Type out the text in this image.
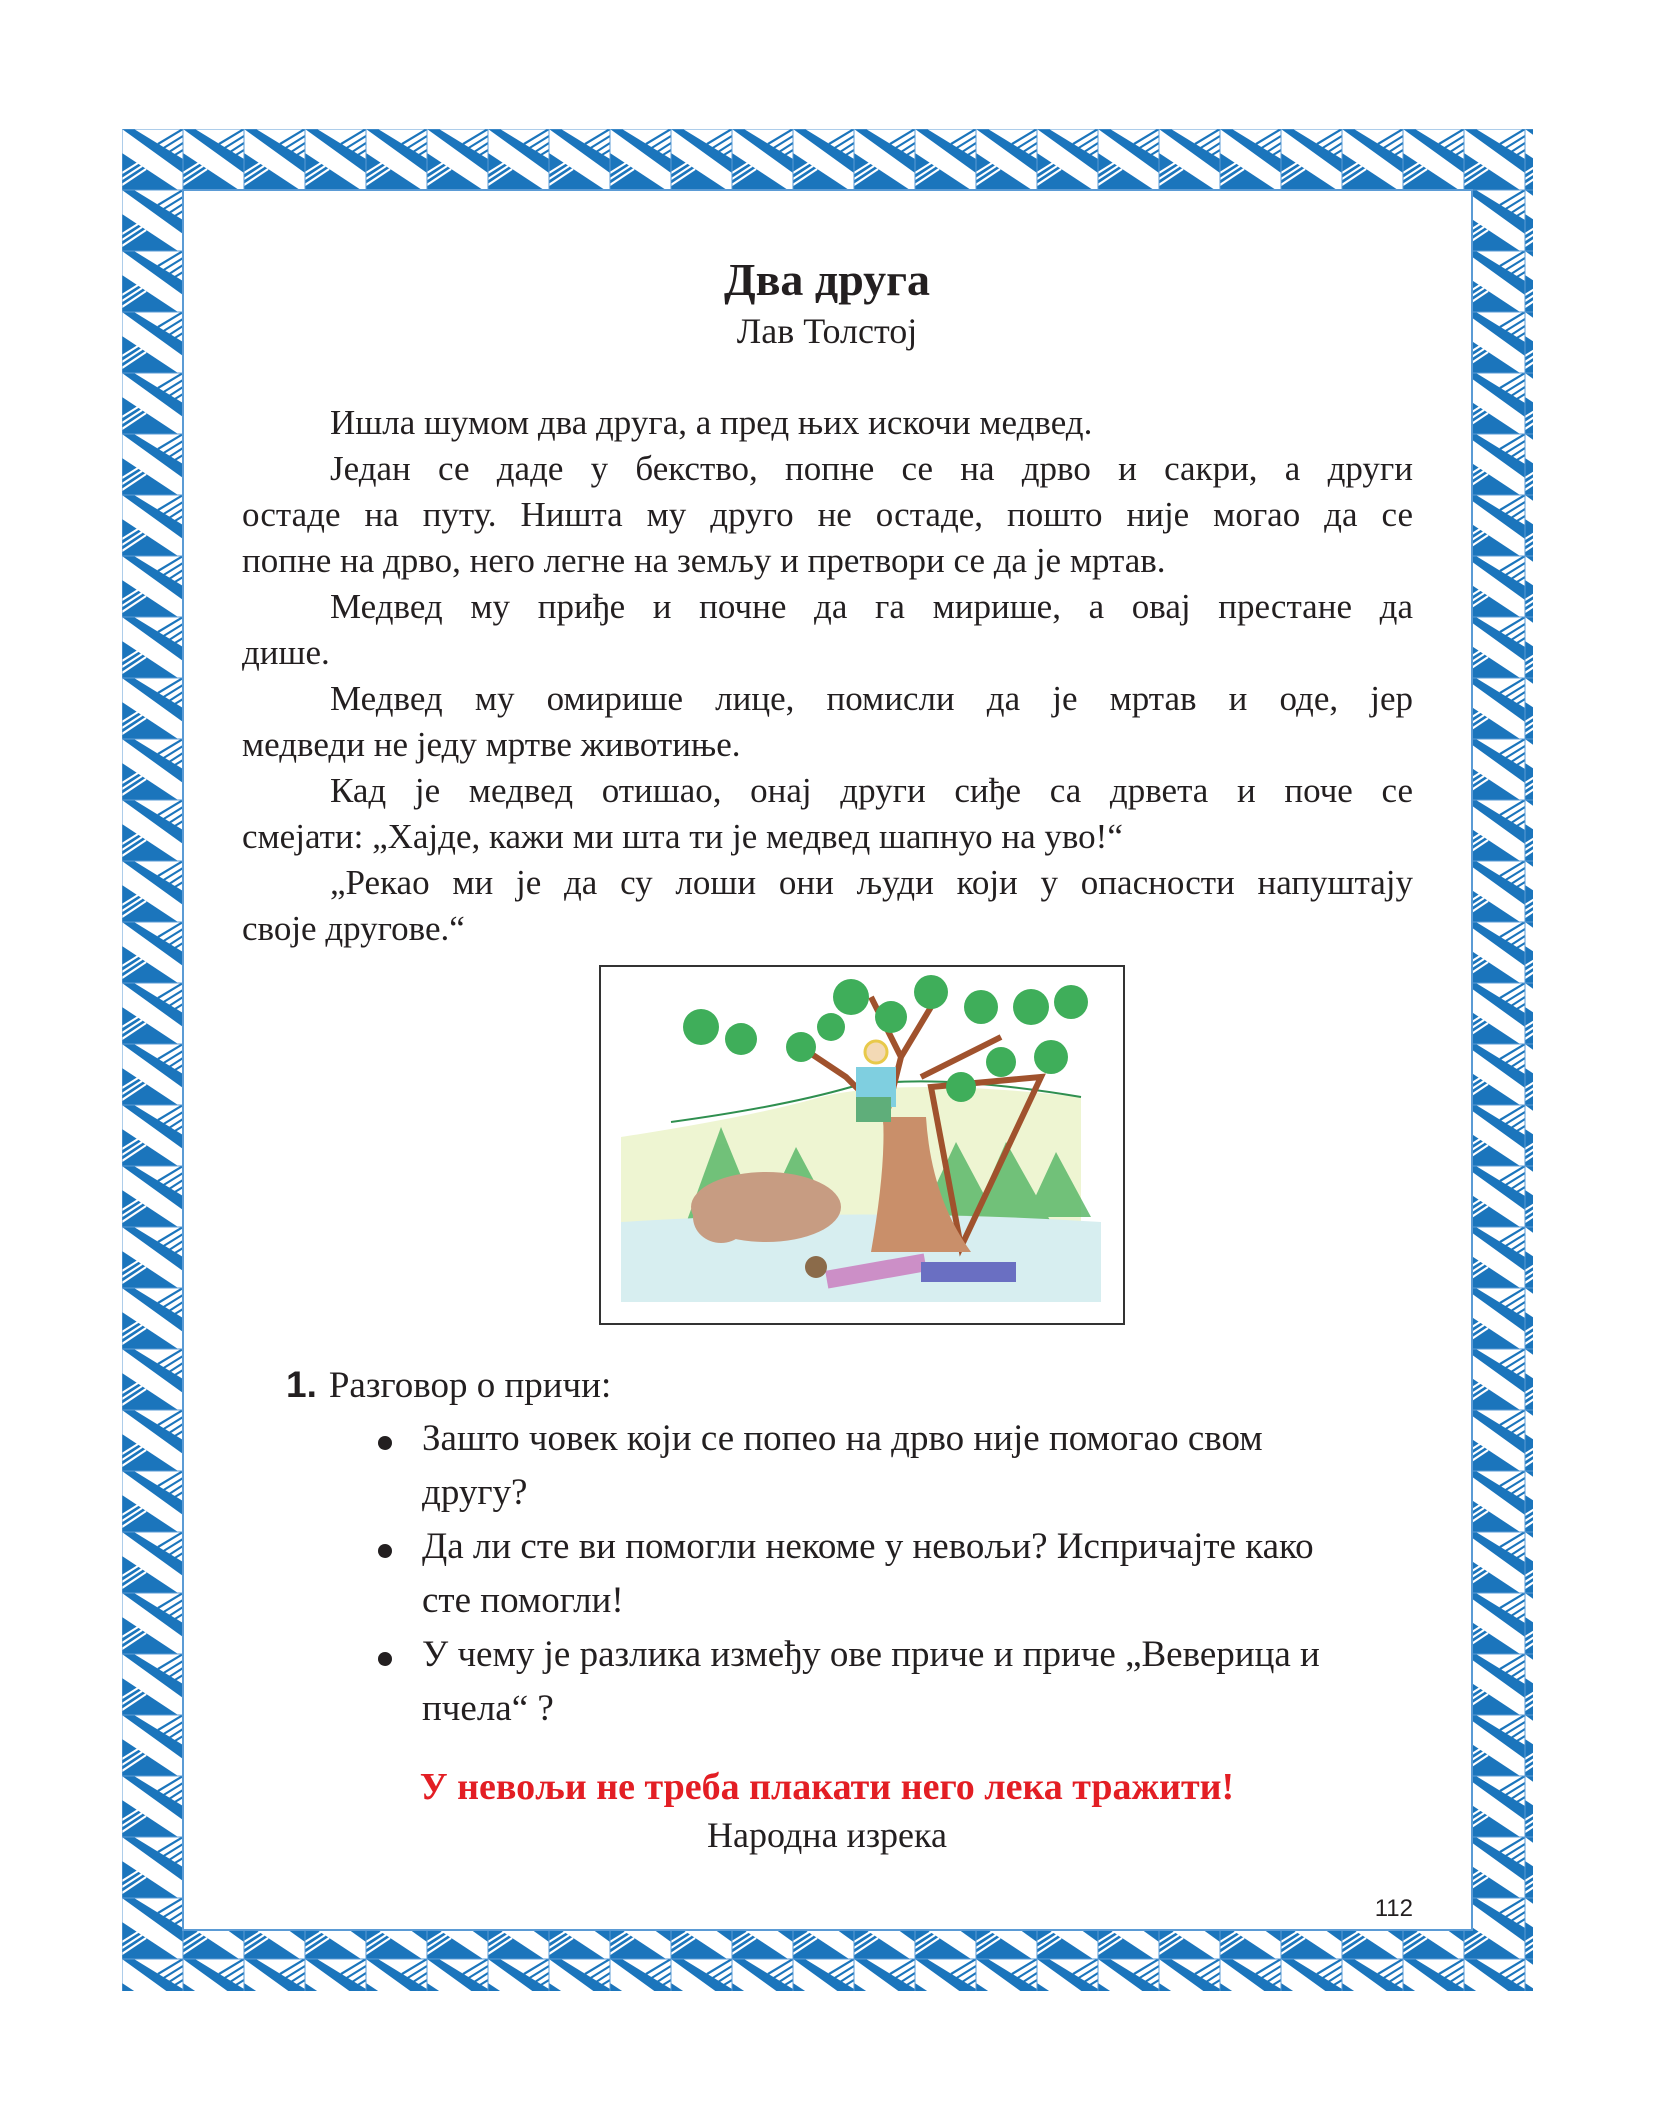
Два друга
Лав Толстој
Ишла шумом два друга, а пред њих искочи медвед.
Један се даде у бекство, попне се на дрво и сакри, а други
остаде на путу. Ништа му друго не остаде, пошто није могао да се
попне на дрво, него легне на земљу и претвори се да је мртав.
Медвед му приђе и почне да га мирише, а овај престане да
дише.
Медвед му омирише лице, помисли да је мртав и оде, јер
медведи не једу мртве животиње.
Кад је медвед отишао, онај други сиђе са дрвета и поче се
смејати: „Хајде, кажи ми шта ти је медвед шапнуо на уво!“
„Рекао ми је да су лоши они људи који у опасности напуштају
своје другове.“
1. Разговор о причи:
Зашто човек који се попео на дрво није помогао свом
другу?
Да ли сте ви помогли некоме у невољи? Испричајте како
сте помогли!
У чему је разлика између ове приче и приче „Веверица и
пчела“ ?
У невољи не треба плакати него лека тражити!
Народна изрека
112
